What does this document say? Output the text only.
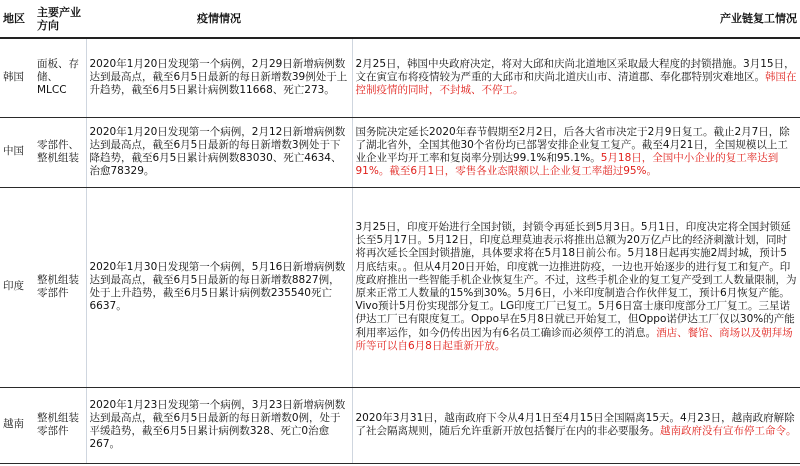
地区	主要产业方向	疫情情况	产业链复工情况
韩国	面板、存储、MLCC	2020年1月20日发现第一个病例，2月29日新增病例数达到最高点，截至6月5日最新的每日新增数39例处于上升趋势，截至6月5日累计病例数11668、死亡273。	2月25日，韩国中央政府决定，将对大邱和庆尚北道地区采取最大程度的封锁措施。3月15日，文在寅宣布将疫情较为严重的大邱市和庆尚北道庆山市、清道郡、奉化郡特别灾难地区。韩国在控制疫情的同时，不封城、不停工。
中国	零部件、整机组装	2020年1月20日发现第一个病例，2月12日新增病例数达到最高点，截至6月5日最新的每日新增数3例处于下降趋势，截至6月5日累计病例数83030、死亡4634、治愈78329。	国务院决定延长2020年春节假期至2月2日，后各大省市决定于2月9日复工。截止2月7日，除了湖北省外，全国其他30个省份均已部署安排企业复工复产。截至4月21日，全国规模以上工业企业平均开工率和复岗率分别达99.1%和95.1%。5月18日，全国中小企业的复工率达到91%。截至6月1日，零售各业态限额以上企业复工率超过95%。
印度	整机组装零部件	2020年1月30日发现第一个病例，5月16日新增病例数达到最高点，截至6月5日最新的每日新增数8827例，处于上升趋势，截至6月5日累计病例数235540死亡6637。	3月25日，印度开始进行全国封锁，封锁令再延长到5月3日。5月1日，印度决定将全国封锁延长至5月17日。5月12日，印度总理莫迪表示将推出总额为20万亿卢比的经济刺激计划，同时将再次延长全国封锁措施，具体要求将在5月18日前公布。5月18日起再实施2周封城，预计5月底结束。。但从4月20日开始，印度就一边推进防疫，一边也开始逐步的进行复工和复产。印度政府推出一些智能手机企业恢复生产。不过，这些手机企业的复工复产受到工人数量限制，为原来正常工人数量的15%到30%。5月6日，小米印度制造合作伙伴复工，预计6月恢复产能。Vivo预计5月份实现部分复工。LG印度工厂已复工。5月6日富士康印度部分工厂复工。三星诺伊达工厂已有限度复工。Oppo早在5月8日就已开始复工，但Oppo诺伊达工厂仅以30%的产能利用率运作，如今仍传出因为有6名员工确诊而必须停工的消息。酒店、餐馆、商场以及朝拜场所等可以自6月8日起重新开放。
越南	整机组装零部件	2020年1月23日发现第一个病例，3月23日新增病例数达到最高点，截至6月5日最新的每日新增数0例，处于平缓趋势，截至6月5日累计病例数328、死亡0治愈267。	2020年3月31日，越南政府下令从4月1日至4月15日全国隔离15天。4月23日，越南政府解除了社会隔离规则，随后允许重新开放包括餐厅在内的非必要服务。越南政府没有宣布停工命令。
